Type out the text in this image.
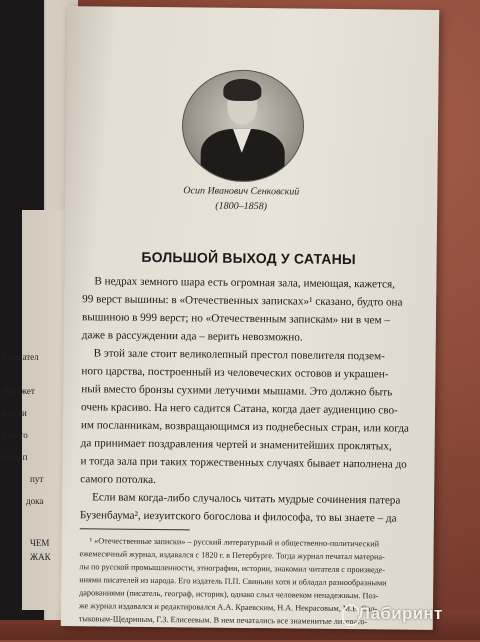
х писател
А может
пут ли
ь не то
чтом п
пут
дока
ЧЕМ
ЖАК
Осип Иванович Сенковский
(1800–1858)
БОЛЬШОЙ ВЫХОД У САТАНЫ
В недрах земного шара есть огромная зала, имеющая, кажется,
99 верст вышины: в «Отечественных записках»¹ сказано, будто она
вышиною в 999 верст; но «Отечественным запискам» ни в чем –
даже в рассуждении ада – верить невозможно.
В этой зале стоит великолепный престол повелителя подзем-
ного царства, построенный из человеческих остовов и украшен-
ный вместо бронзы сухими летучими мышами. Это должно быть
очень красиво. На него садится Сатана, когда дает аудиенцию сво-
им посланникам, возвращающимся из поднебесных стран, или когда
да принимает поздравления чертей и знаменитейших проклятых,
и тогда зала при таких торжественных случаях бывает наполнена до
самого потолка.
Если вам когда-либо случалось читать мудрые сочинения патера
Бузенбаума², иезуитского богослова и философа, то вы знаете – да
¹ «Отечественные записки» – русский литературный и общественно-политический
ежемесячный журнал, издавался с 1820 г. в Петербурге. Тогда журнал печатал материа-
лы по русской промышленности, этнографии, истории, знакомил читателя с произведе-
ниями писателей из народа. Его издатель П.П. Свиньин хотя и обладал разнообразными
дарованиями (писатель, географ, историк), однако слыл человеком ненадежным. Поз-
же журнал издавался и редактировался А.А. Краевским, Н.А. Некрасовым, М.Е. Сал-
тыковым-Щедриным, Г.З. Елисеевым. В нем печатались все знаменитые литерато-
Лабиринт
